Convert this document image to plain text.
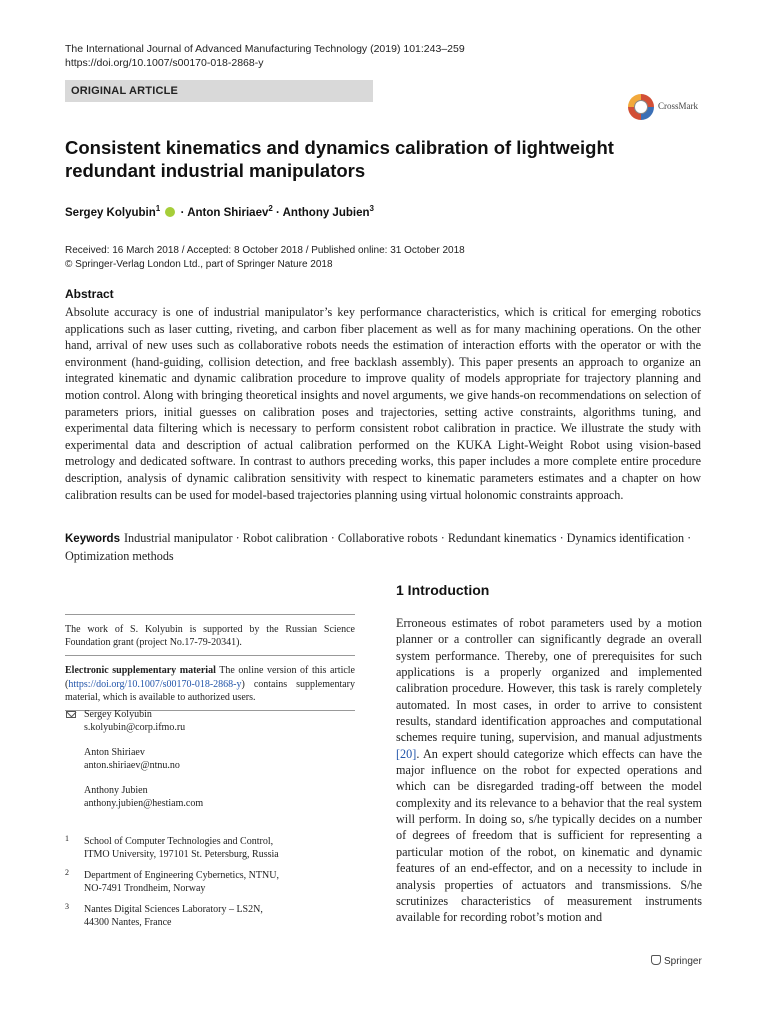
The International Journal of Advanced Manufacturing Technology (2019) 101:243–259
https://doi.org/10.1007/s00170-018-2868-y
ORIGINAL ARTICLE
CrossMark
Consistent kinematics and dynamics calibration of lightweight redundant industrial manipulators
Sergey Kolyubin$^1$  · Anton Shiriaev$^2$ · Anthony Jubien$^3$
Received: 16 March 2018 / Accepted: 8 October 2018 / Published online: 31 October 2018
© Springer-Verlag London Ltd., part of Springer Nature 2018
Abstract

Absolute accuracy is one of industrial manipulator’s key performance characteristics, which is critical for emerging robotics applications such as laser cutting, riveting, and carbon fiber placement as well as for many machining operations. On the other hand, arrival of new uses such as collaborative robots needs the estimation of interaction efforts with the operator or with the environment (hand-guiding, collision detection, and free backlash assembly). This paper presents an approach to organize an integrated kinematic and dynamic calibration procedure to improve quality of models appropriate for trajectory planning and motion control. Along with bringing theoretical insights and novel arguments, we give hands-on recommendations on selection of parameters priors, initial guesses on calibration poses and trajectories, setting active constraints, algorithms tuning, and experimental data filtering which is necessary to perform consistent robot calibration in practice. We illustrate the study with experimental data and description of actual calibration performed on the KUKA Light-Weight Robot using vision-based metrology and dedicated software. In contrast to authors preceding works, this paper includes a more complete entire procedure description, analysis of dynamic calibration sensitivity with respect to kinematic parameters estimates and a chapter on how calibration results can be used for model-based trajectories planning using virtual holonomic constraints approach.

Keywords Industrial manipulator · Robot calibration · Collaborative robots · Redundant kinematics · Dynamics identification · Optimization methods
1 Introduction

Erroneous estimates of robot parameters used by a motion planner or a controller can significantly degrade an overall system performance. Thereby, one of prerequisites for such applications is a properly organized and implemented calibration procedure. However, this task is rarely completely automated. In most cases, in order to arrive to consistent results, standard identification approaches and computational schemes require tuning, supervision, and manual adjustments [20]. An expert should categorize which effects can have the major influence on the robot for expected operations and which can be disregarded trading-off between the model complexity and its relevance to a behavior that the real system will perform. In doing so, s/he typically decides on a number of degrees of freedom that is sufficient for representing a particular motion of the robot, on kinematic and dynamic features of an end-effector, and on a necessity to include in analysis properties of actuators and transmissions. S/he scrutinizes characteristics of measurement instruments available for recording robot’s motion and

The work of S. Kolyubin is supported by the Russian Science Foundation grant (project No.17-79-20341).
Electronic supplementary material The online version of this article (https://doi.org/10.1007/s00170-018-2868-y) contains supplementary material, which is available to authorized users.
Sergey Kolyubin
s.kolyubin@corp.ifmo.ru
Anton Shiriaev
anton.shiriaev@ntnu.no
Anthony Jubien
anthony.jubien@hestiam.com
1 School of Computer Technologies and Control,
ITMO University, 197101 St. Petersburg, Russia
2 Department of Engineering Cybernetics, NTNU,
NO-7491 Trondheim, Norway
3 Nantes Digital Sciences Laboratory – LS2N,
44300 Nantes, France
Springer
